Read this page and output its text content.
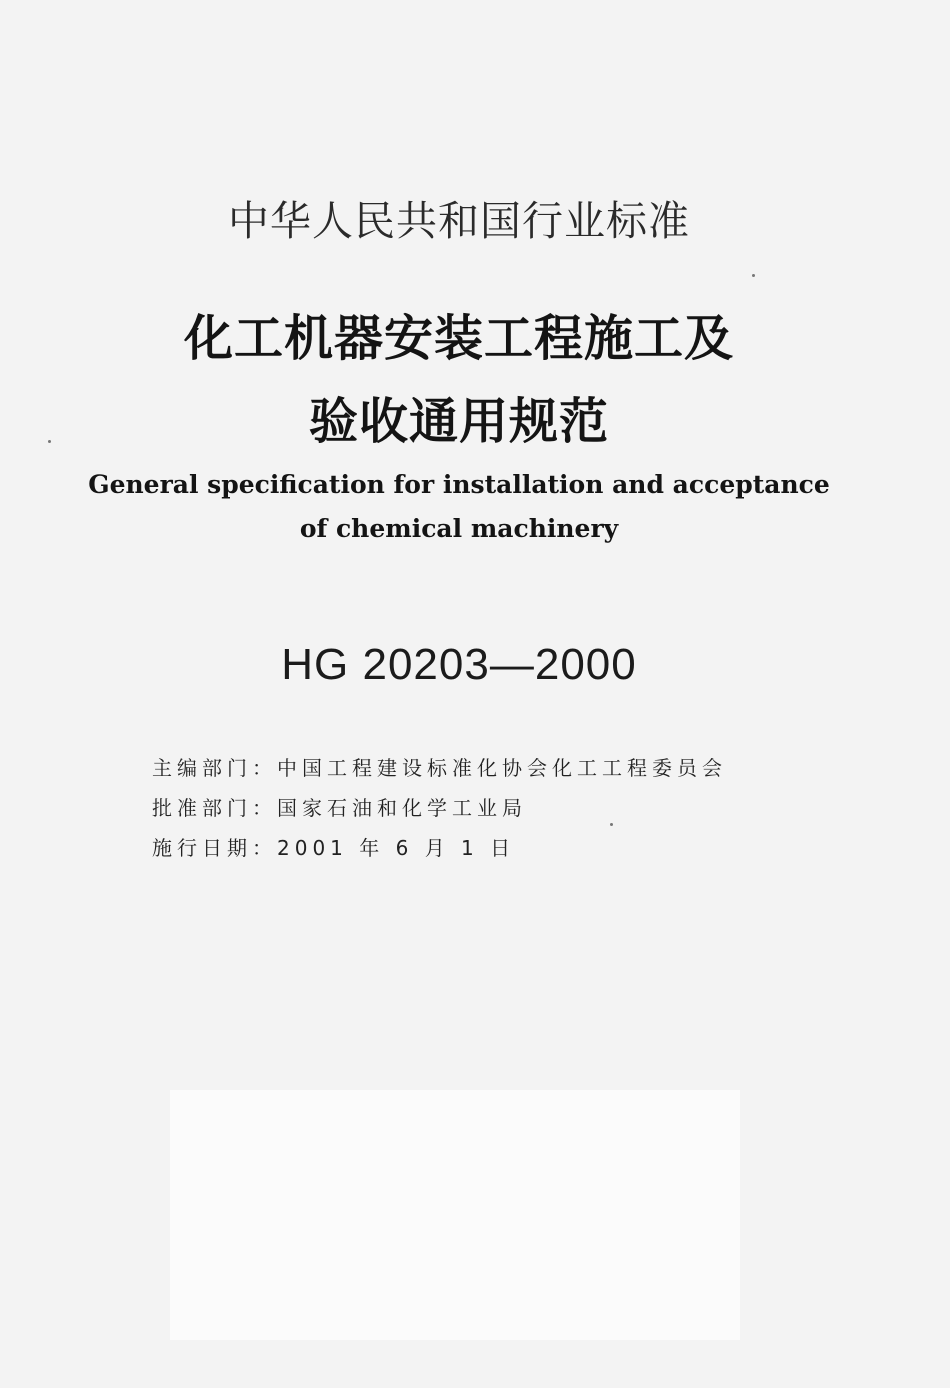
中华人民共和国行业标准
化工机器安装工程施工及
验收通用规范
General specification for installation and acceptance
of chemical machinery
HG 20203—2000
主编部门：中国工程建设标准化协会化工工程委员会
批准部门：国家石油和化学工业局
施行日期：2001 年 6 月 1 日
